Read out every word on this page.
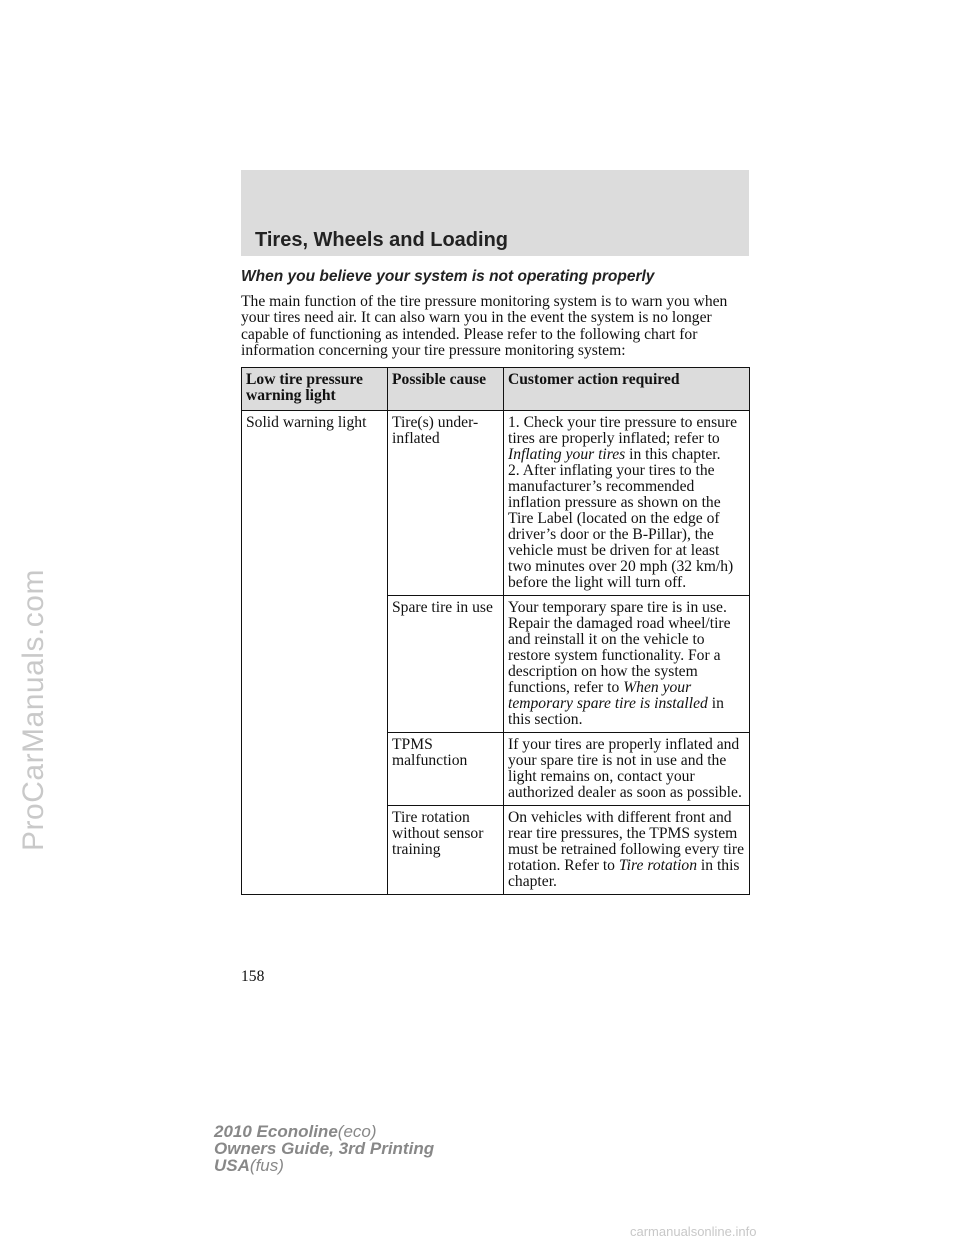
Tires, Wheels and Loading
When you believe your system is not operating properly

The main function of the tire pressure monitoring system is to warn you when your tires need air. It can also warn you in the event the system is no longer capable of functioning as intended. Please refer to the following chart for information concerning your tire pressure monitoring system:

Low tire pressure warning light	Possible cause	Customer action required
Solid warning light	Tire(s) under-inflated	1. Check your tire pressure to ensure tires are properly inflated; refer to Inflating your tires in this chapter.

2. After inflating your tires to the manufacturer’s recommended inflation pressure as shown on the Tire Label (located on the edge of driver’s door or the B-Pillar), the vehicle must be driven for at least two minutes over 20 mph (32 km/h) before the light will turn off.

	Spare tire in use	Your temporary spare tire is in use. Repair the damaged road wheel/tire and reinstall it on the vehicle to restore system functionality. For a description on how the system functions, refer to When your temporary spare tire is installed in this section.
	TPMS malfunction	If your tires are properly inflated and your spare tire is not in use and the light remains on, contact your authorized dealer as soon as possible.
	Tire rotation without sensor training	On vehicles with different front and rear tire pressures, the TPMS system must be retrained following every tire rotation. Refer to Tire rotation in this chapter.
158
2010 Econoline(eco)
Owners Guide, 3rd Printing
USA(fus)
ProCarManuals.com
carmanualsonline.info
